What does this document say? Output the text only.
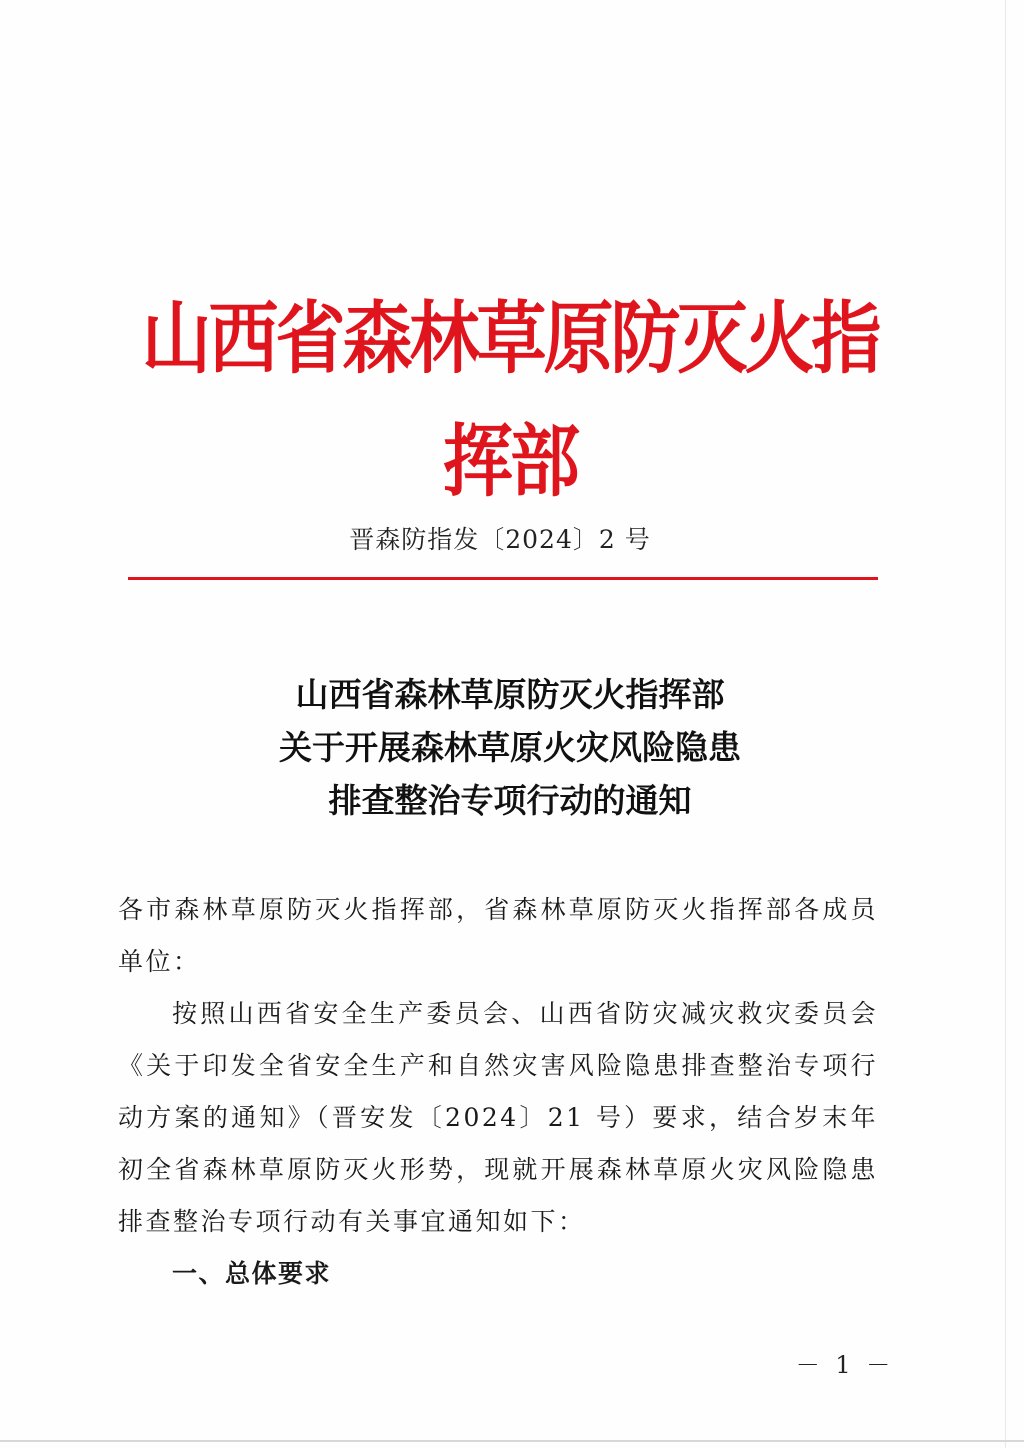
山西省森林草原防灭火指挥部
晋森防指发〔2024〕2 号
山西省森林草原防灭火指挥部
关于开展森林草原火灾风险隐患
排查整治专项行动的通知

各市森林草原防灭火指挥部，省森林草原防灭火指挥部各成员单位：

按照山西省安全生产委员会、山西省防灾减灾救灾委员会《关于印发全省安全生产和自然灾害风险隐患排查整治专项行动方案的通知》（晋安发〔2024〕21 号）要求，结合岁末年初全省森林草原防灭火形势，现就开展森林草原火灾风险隐患排查整治专项行动有关事宜通知如下：

一、总体要求

－ 1 －
